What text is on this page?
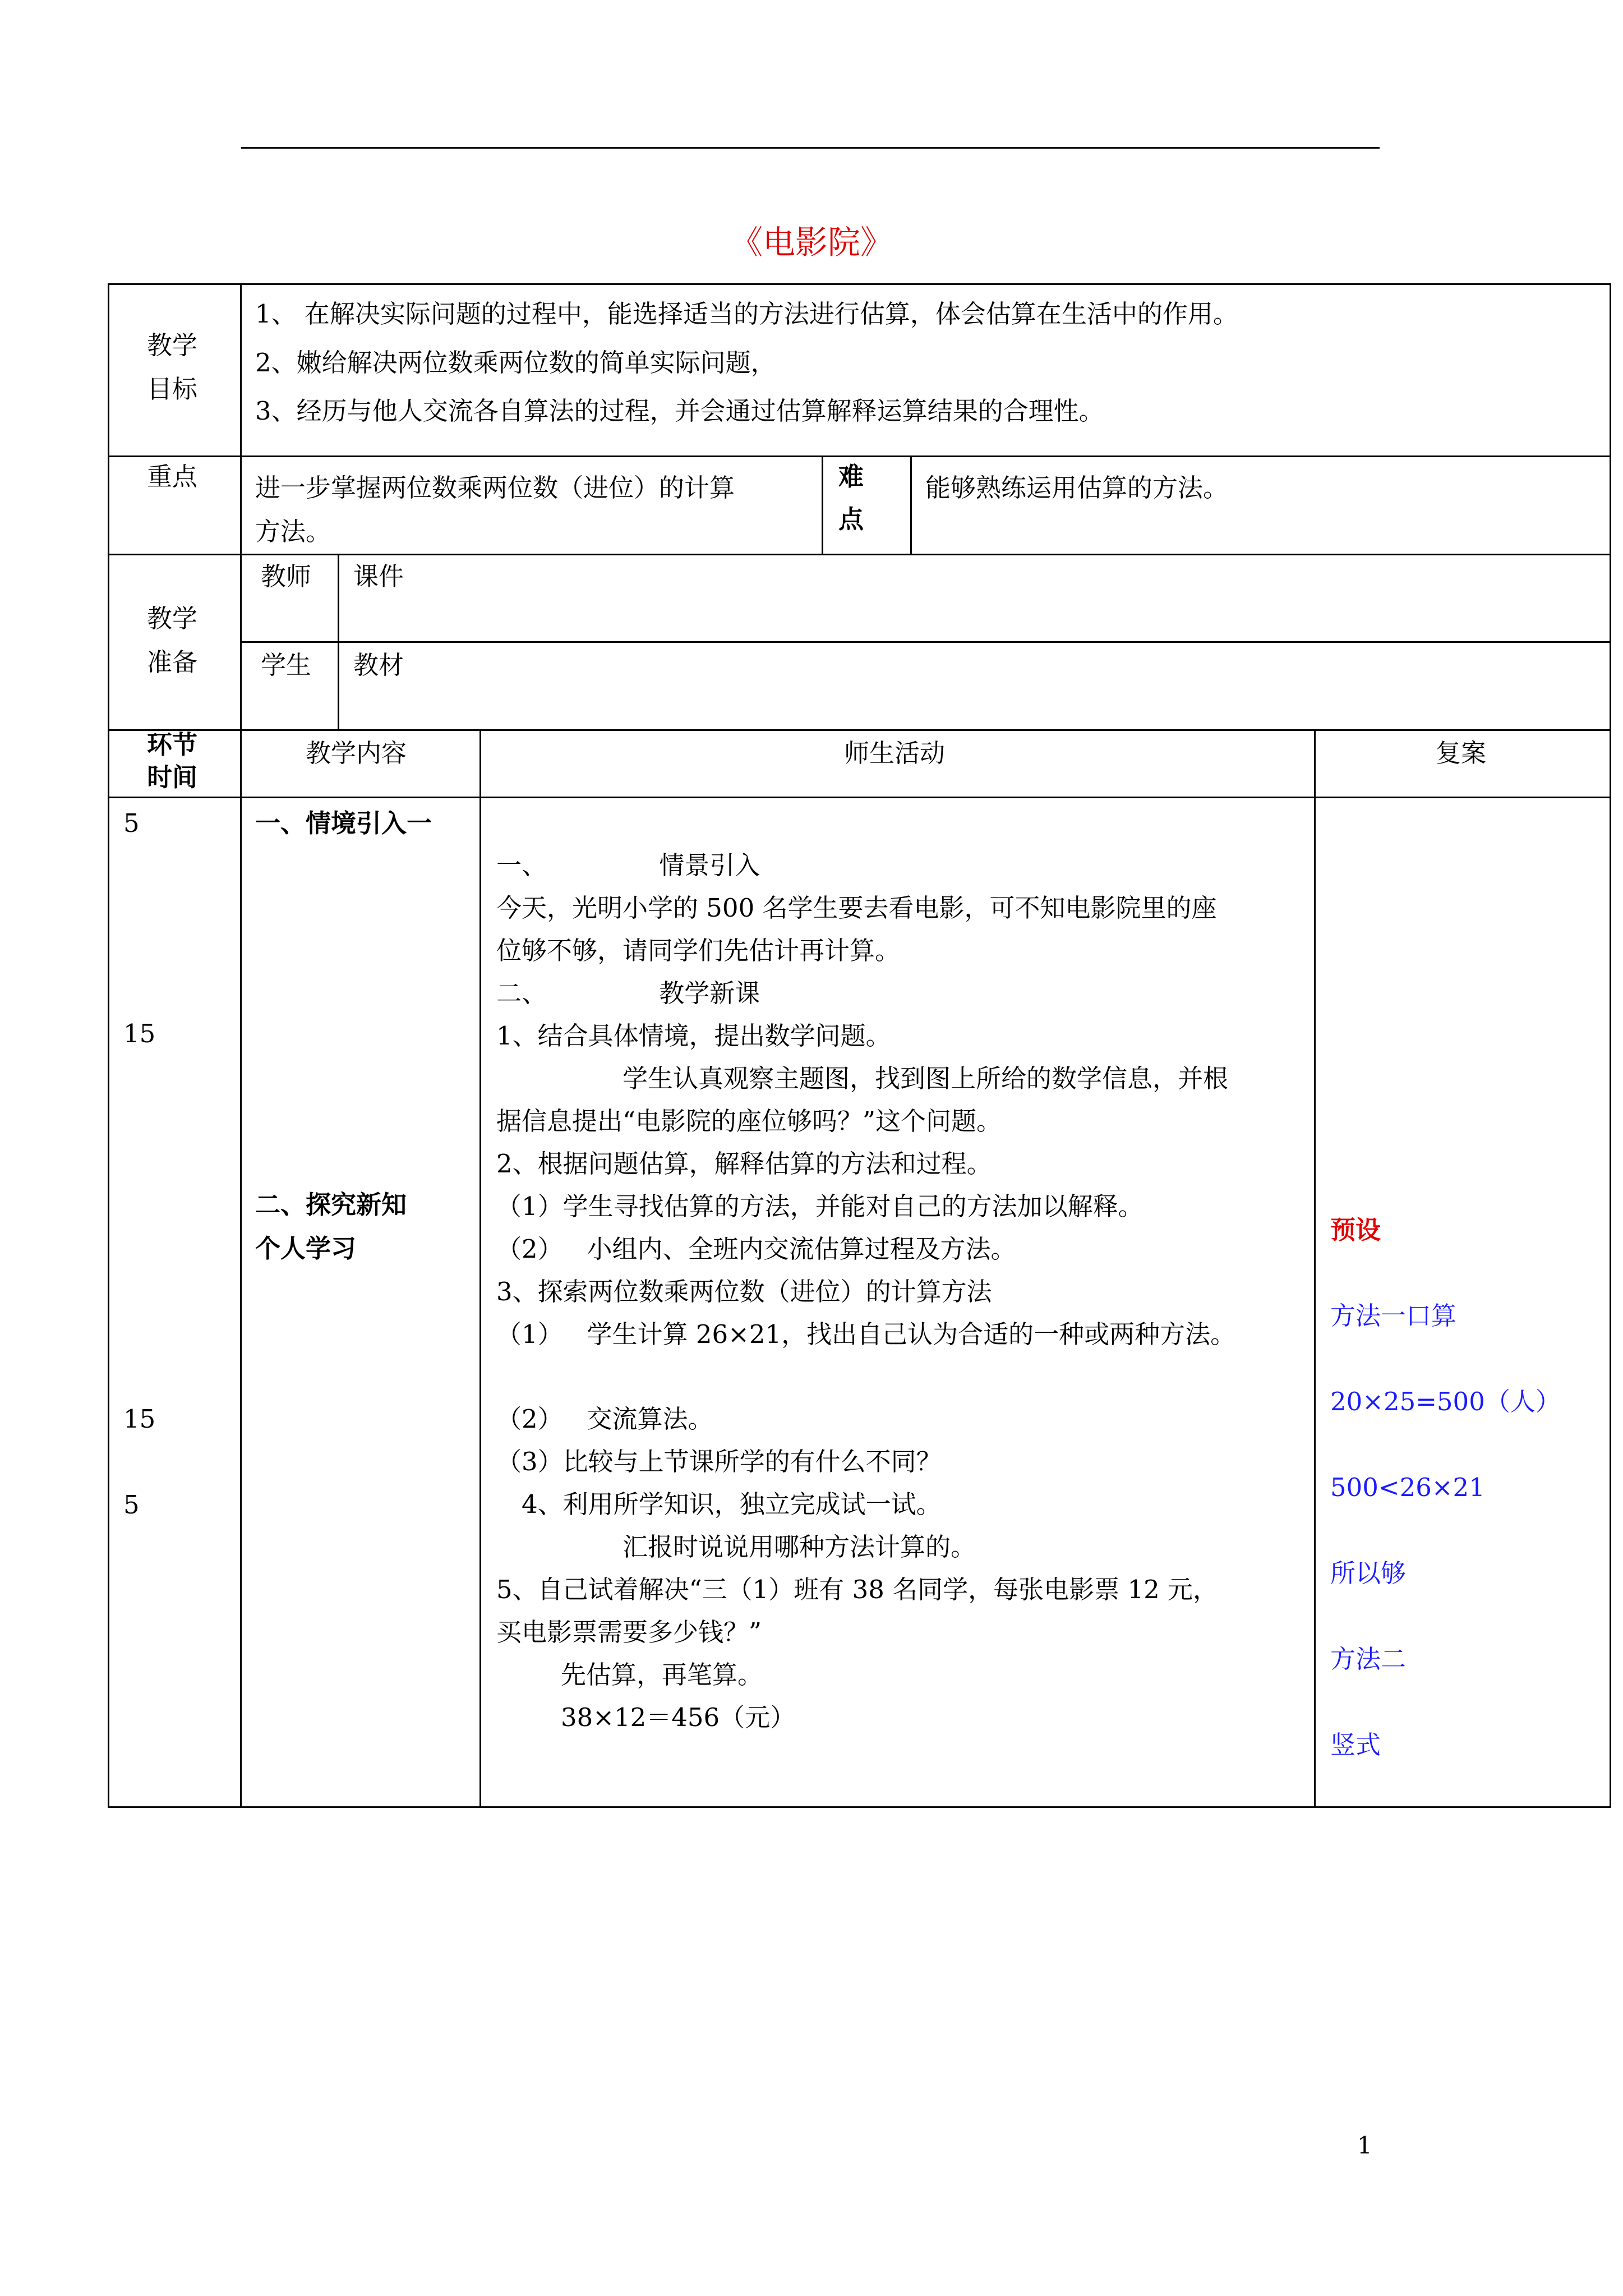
《电影院》
教学
目标
1、 在解决实际问题的过程中，能选择适当的方法进行估算，体会估算在生活中的作用。
2、嫩给解决两位数乘两位数的简单实际问题，
3、经历与他人交流各自算法的过程，并会通过估算解释运算结果的合理性。
重点 进一步掌握两位数乘两位数（进位）的计算
方法。
难
点
能够熟练运用估算的方法。
教学
准备
教师 课件
学生 教材
环节
时间
教学内容	师生活动	复案
5
15
15
5
一、情境引入一
二、探究新知
个人学习
一、              情景引入
今天，光明小学的 500 名学生要去看电影，可不知电影院里的座
位够不够，请同学们先估计再计算。
二、              教学新课
1、结合具体情境，提出数学问题。
学生认真观察主题图，找到图上所给的数学信息，并根
据信息提出“电影院的座位够吗？”这个问题。
2、根据问题估算，解释估算的方法和过程。
（1）学生寻找估算的方法，并能对自己的方法加以解释。
（2）   小组内、全班内交流估算过程及方法。
3、探索两位数乘两位数（进位）的计算方法
（1）   学生计算 26×21，找出自己认为合适的一种或两种方法。
（2）   交流算法。
（3）比较与上节课所学的有什么不同？
4、利用所学知识，独立完成试一试。
汇报时说说用哪种方法计算的。
5、自己试着解决“三（1）班有 38 名同学，每张电影票 12 元，
买电影票需要多少钱？”
先估算，再笔算。
38×12＝456（元）
预设
方法一口算
20×25=500（人）
500<26×21
所以够
方法二
竖式
1
